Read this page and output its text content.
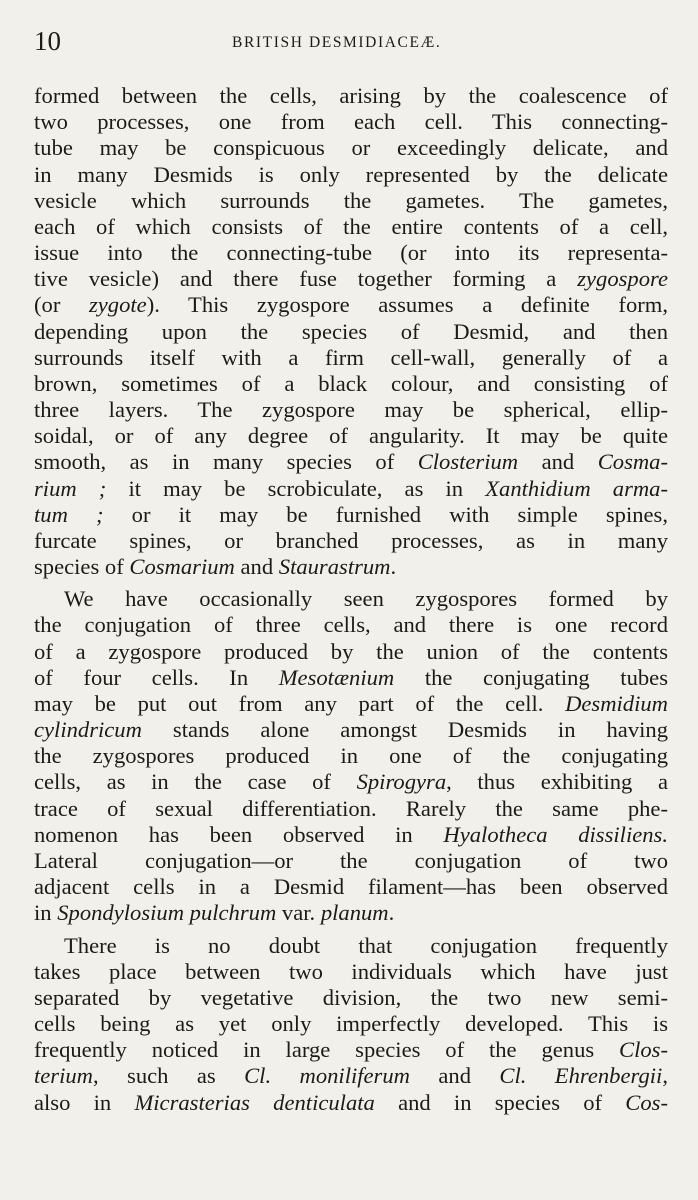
10	BRITISH DESMIDIACEÆ.
formed between the cells, arising by the coalescence of
two processes, one from each cell. This connecting-
tube may be conspicuous or exceedingly delicate, and
in many Desmids is only represented by the delicate
vesicle which surrounds the gametes. The gametes,
each of which consists of the entire contents of a cell,
issue into the connecting-tube (or into its representa-
tive vesicle) and there fuse together forming a zygospore
(or zygote). This zygospore assumes a definite form,
depending upon the species of Desmid, and then
surrounds itself with a firm cell-wall, generally of a
brown, sometimes of a black colour, and consisting of
three layers. The zygospore may be spherical, ellip-
soidal, or of any degree of angularity. It may be quite
smooth, as in many species of Closterium and Cosma-
rium ; it may be scrobiculate, as in Xanthidium arma-
tum ; or it may be furnished with simple spines,
furcate spines, or branched processes, as in many
species of Cosmarium and Staurastrum.
We have occasionally seen zygospores formed by
the conjugation of three cells, and there is one record
of a zygospore produced by the union of the contents
of four cells. In Mesotænium the conjugating tubes
may be put out from any part of the cell. Desmidium
cylindricum stands alone amongst Desmids in having
the zygospores produced in one of the conjugating
cells, as in the case of Spirogyra, thus exhibiting a
trace of sexual differentiation. Rarely the same phe-
nomenon has been observed in Hyalotheca dissiliens.
Lateral conjugation—or the conjugation of two
adjacent cells in a Desmid filament—has been observed
in Spondylosium pulchrum var. planum.
There is no doubt that conjugation frequently
takes place between two individuals which have just
separated by vegetative division, the two new semi-
cells being as yet only imperfectly developed. This is
frequently noticed in large species of the genus Clos-
terium, such as Cl. moniliferum and Cl. Ehrenbergii,
also in Micrasterias denticulata and in species of Cos-
